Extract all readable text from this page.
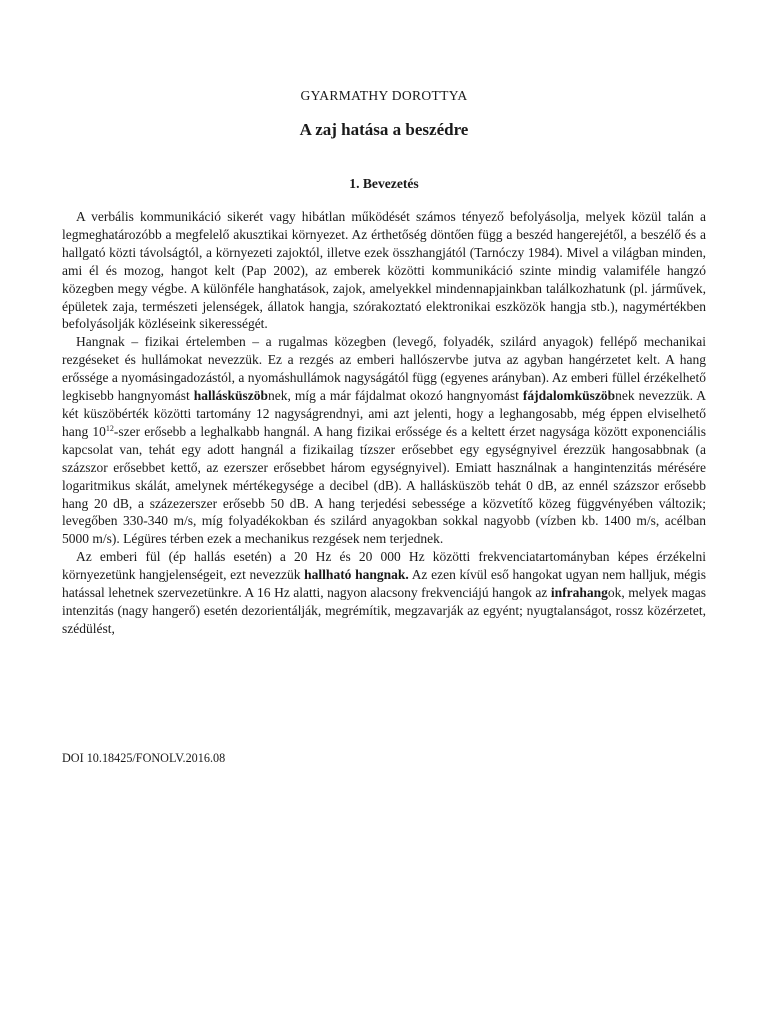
GYARMATHY DOROTTYA
A zaj hatása a beszédre
1. Bevezetés

A verbális kommunikáció sikerét vagy hibátlan működését számos tényező befolyásolja, melyek közül talán a legmeghatározóbb a megfelelő akusztikai környezet. Az érthetőség döntően függ a beszéd hangerejétől, a beszélő és a hallgató közti távolságtól, a környezeti zajoktól, illetve ezek összhangjától (Tarnóczy 1984). Mivel a világban minden, ami él és mozog, hangot kelt (Pap 2002), az emberek közötti kommunikáció szinte mindig valamiféle hangzó közegben megy végbe. A különféle hanghatások, zajok, amelyekkel mindennapjainkban találkozhatunk (pl. járművek, épületek zaja, természeti jelenségek, állatok hangja, szórakoztató elektronikai eszközök hangja stb.), nagymértékben befolyásolják közléseink sikerességét.

Hangnak – fizikai értelemben – a rugalmas közegben (levegő, folyadék, szilárd anyagok) fellépő mechanikai rezgéseket és hullámokat nevezzük. Ez a rezgés az emberi hallószervbe jutva az agyban hangérzetet kelt. A hang erőssége a nyomásingadozástól, a nyomáshullámok nagyságától függ (egyenes arányban). Az emberi füllel érzékelhető legkisebb hangnyomást hallásküszöbnek, míg a már fájdalmat okozó hangnyomást fájdalomküszöbnek nevezzük. A két küszöbérték közötti tartomány 12 nagyságrendnyi, ami azt jelenti, hogy a leghangosabb, még éppen elviselhető hang $10^{12}$-szer erősebb a leghalkabb hangnál. A hang fizikai erőssége és a keltett érzet nagysága között exponenciális kapcsolat van, tehát egy adott hangnál a fizikailag tízszer erősebbet egy egységnyivel érezzük hangosabbnak (a százszor erősebbet kettő, az ezerszer erősebbet három egységnyivel). Emiatt használnak a hangintenzitás mérésére logaritmikus skálát, amelynek mértékegysége a decibel (dB). A hallásküszöb tehát 0 dB, az ennél százszor erősebb hang 20 dB, a százezerszer erősebb 50 dB. A hang terjedési sebessége a közvetítő közeg függvényében változik; levegőben 330-340 m/s, míg folyadékokban és szilárd anyagokban sokkal nagyobb (vízben kb. 1400 m/s, acélban 5000 m/s). Légüres térben ezek a mechanikus rezgések nem terjednek.

Az emberi fül (ép hallás esetén) a 20 Hz és 20 000 Hz közötti frekvenciatartományban képes érzékelni környezetünk hangjelenségeit, ezt nevezzük hallható hangnak. Az ezen kívül eső hangokat ugyan nem halljuk, mégis hatással lehetnek szervezetünkre. A 16 Hz alatti, nagyon alacsony frekvenciájú hangok az infrahangok, melyek magas intenzitás (nagy hangerő) esetén dezorientálják, megrémítik, megzavarják az egyént; nyugtalanságot, rossz közérzetet, szédülést,

DOI 10.18425/FONOLV.2016.08
